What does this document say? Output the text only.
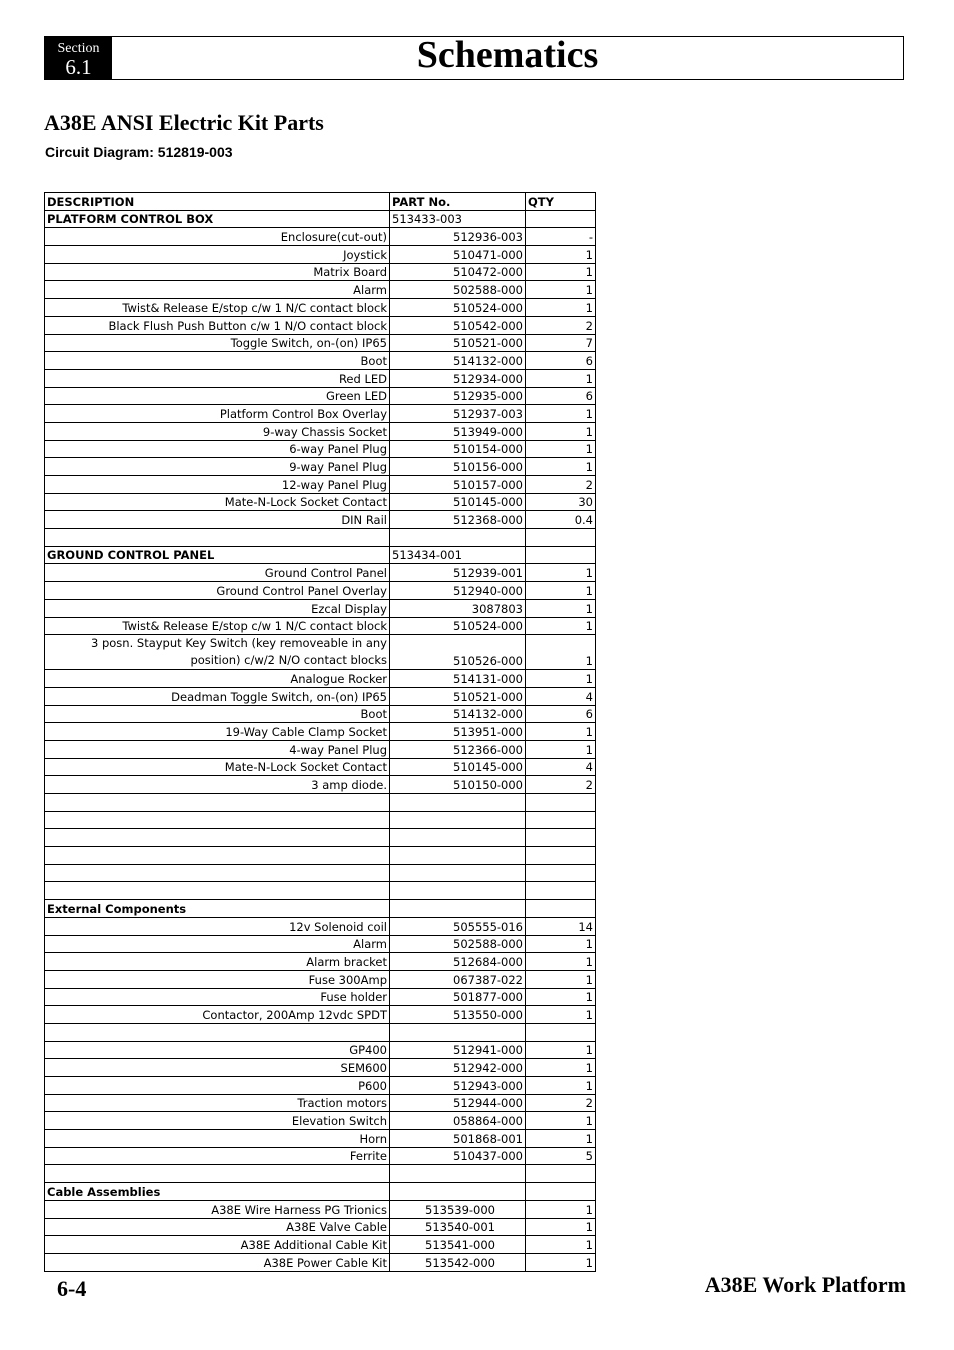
Section
6.1	Schematics
A38E ANSI Electric Kit Parts
Circuit Diagram: 512819-003
DESCRIPTION	PART No.	QTY
PLATFORM CONTROL BOX	513433-003	
Enclosure(cut-out)	512936-003	-
Joystick	510471-000	1
Matrix Board	510472-000	1
Alarm	502588-000	1
Twist& Release E/stop c/w 1 N/C contact block	510524-000	1
Black Flush Push Button c/w 1 N/O contact block	510542-000	2
Toggle Switch, on-(on) IP65	510521-000	7
Boot	514132-000	6
Red LED	512934-000	1
Green LED	512935-000	6
Platform Control Box Overlay	512937-003	1
9-way Chassis Socket	513949-000	1
6-way Panel Plug	510154-000	1
9-way Panel Plug	510156-000	1
12-way Panel Plug	510157-000	2
Mate-N-Lock Socket Contact	510145-000	30
DIN Rail	512368-000	0.4

GROUND CONTROL PANEL	513434-001	
Ground Control Panel	512939-001	1
Ground Control Panel Overlay	512940-000	1
Ezcal Display	3087803	1
Twist& Release E/stop c/w 1 N/C contact block	510524-000	1
3 posn. Stayput Key Switch (key removeable in any position) c/w/2 N/O contact blocks	510526-000	1
Analogue Rocker	514131-000	1
Deadman Toggle Switch, on-(on) IP65	510521-000	4
Boot	514132-000	6
19-Way Cable Clamp Socket	513951-000	1
4-way Panel Plug	512366-000	1
Mate-N-Lock Socket Contact	510145-000	4
3 amp diode.	510150-000	2

External Components		
12v Solenoid coil	505555-016	14
Alarm	502588-000	1
Alarm bracket	512684-000	1
Fuse 300Amp	067387-022	1
Fuse holder	501877-000	1
Contactor, 200Amp 12vdc SPDT	513550-000	1

GP400	512941-000	1
SEM600	512942-000	1
P600	512943-000	1
Traction motors	512944-000	2
Elevation Switch	058864-000	1
Horn	501868-001	1
Ferrite	510437-000	5

Cable Assemblies		
A38E Wire Harness PG Trionics	513539-000	1
A38E Valve Cable	513540-001	1
A38E Additional Cable Kit	513541-000	1
A38E Power Cable Kit	513542-000	1
6-4	A38E Work Platform
